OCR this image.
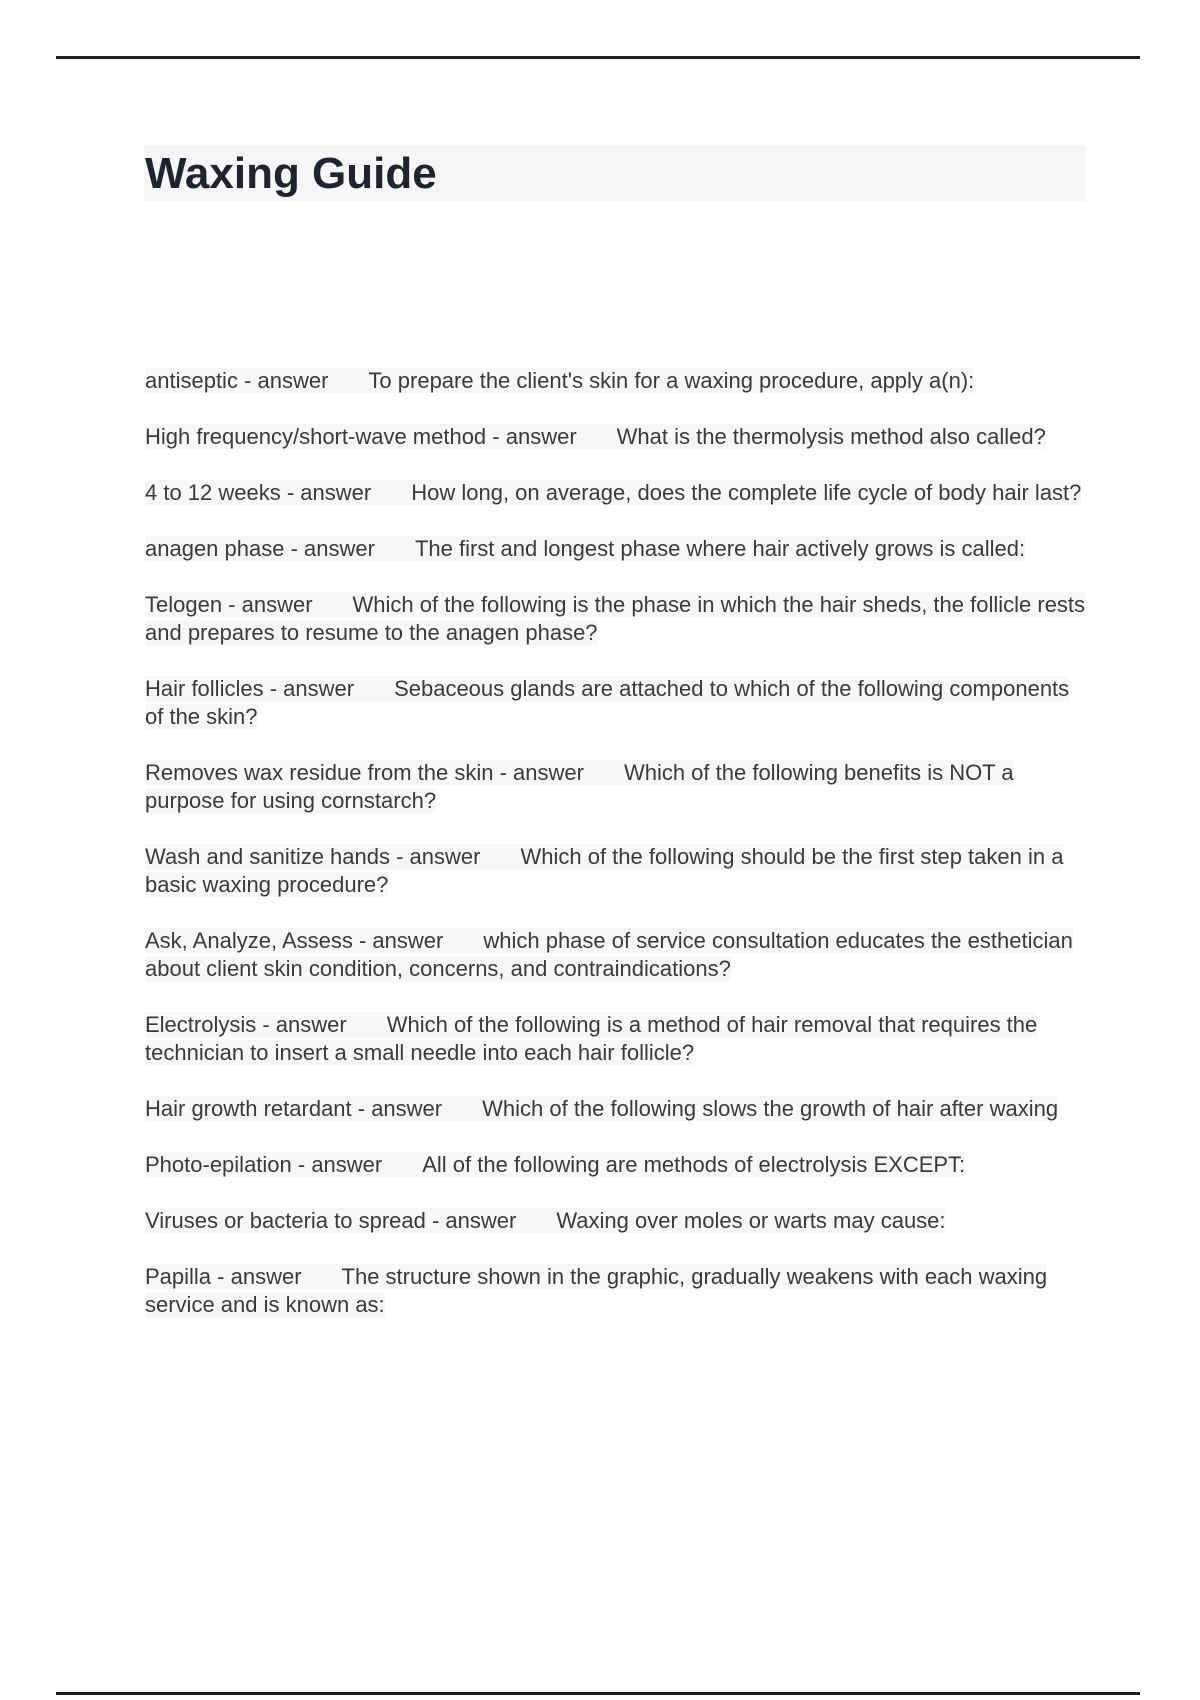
Waxing Guide

antiseptic - answer To prepare the client's skin for a waxing procedure, apply a(n):

High frequency/short-wave method - answer What is the thermolysis method also called?

4 to 12 weeks - answer How long, on average, does the complete life cycle of body hair last?

anagen phase - answer The first and longest phase where hair actively grows is called:

Telogen - answer Which of the following is the phase in which the hair sheds, the follicle rests and prepares to resume to the anagen phase?

Hair follicles - answer Sebaceous glands are attached to which of the following components of the skin?

Removes wax residue from the skin - answer Which of the following benefits is NOT a purpose for using cornstarch?

Wash and sanitize hands - answer Which of the following should be the first step taken in a basic waxing procedure?

Ask, Analyze, Assess - answer which phase of service consultation educates the esthetician about client skin condition, concerns, and contraindications?

Electrolysis - answer Which of the following is a method of hair removal that requires the technician to insert a small needle into each hair follicle?

Hair growth retardant - answer Which of the following slows the growth of hair after waxing

Photo-epilation - answer All of the following are methods of electrolysis EXCEPT:

Viruses or bacteria to spread - answer Waxing over moles or warts may cause:

Papilla - answer The structure shown in the graphic, gradually weakens with each waxing service and is known as:
